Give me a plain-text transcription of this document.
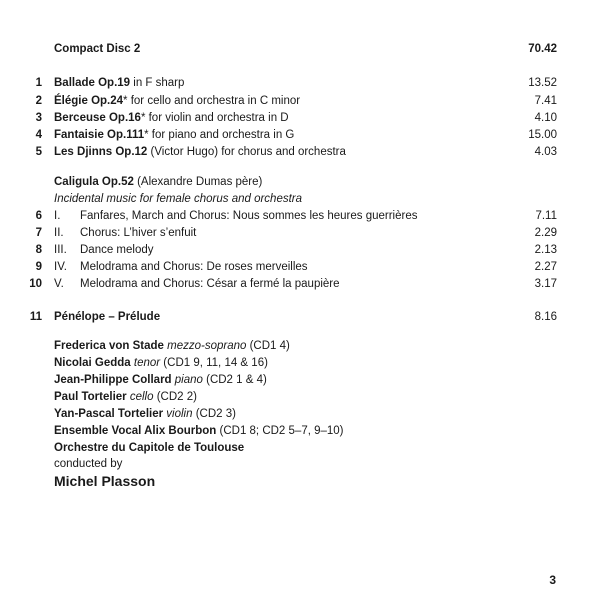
Compact Disc 2	70.42
1 Ballade Op.19 in F sharp	13.52
2 Élégie Op.24* for cello and orchestra in C minor	7.41
3 Berceuse Op.16* for violin and orchestra in D	4.10
4 Fantaisie Op.111* for piano and orchestra in G	15.00
5 Les Djinns Op.12 (Victor Hugo) for chorus and orchestra	4.03
Caligula Op.52 (Alexandre Dumas père)
Incidental music for female chorus and orchestra
6 I. Fanfares, March and Chorus: Nous sommes les heures guerrières	7.11
7 II. Chorus: L’hiver s’enfuit	2.29
8 III. Dance melody	2.13
9 IV. Melodrama and Chorus: De roses merveilles	2.27
10 V. Melodrama and Chorus: César a fermé la paupière	3.17
11 Pénélope – Prélude	8.16
Frederica von Stade mezzo-soprano (CD1 4)
Nicolai Gedda tenor (CD1 9, 11, 14 & 16)
Jean-Philippe Collard piano (CD2 1 & 4)
Paul Tortelier cello (CD2 2)
Yan-Pascal Tortelier violin (CD2 3)
Ensemble Vocal Alix Bourbon (CD1 8; CD2 5–7, 9–10)
Orchestre du Capitole de Toulouse
conducted by
Michel Plasson
3
